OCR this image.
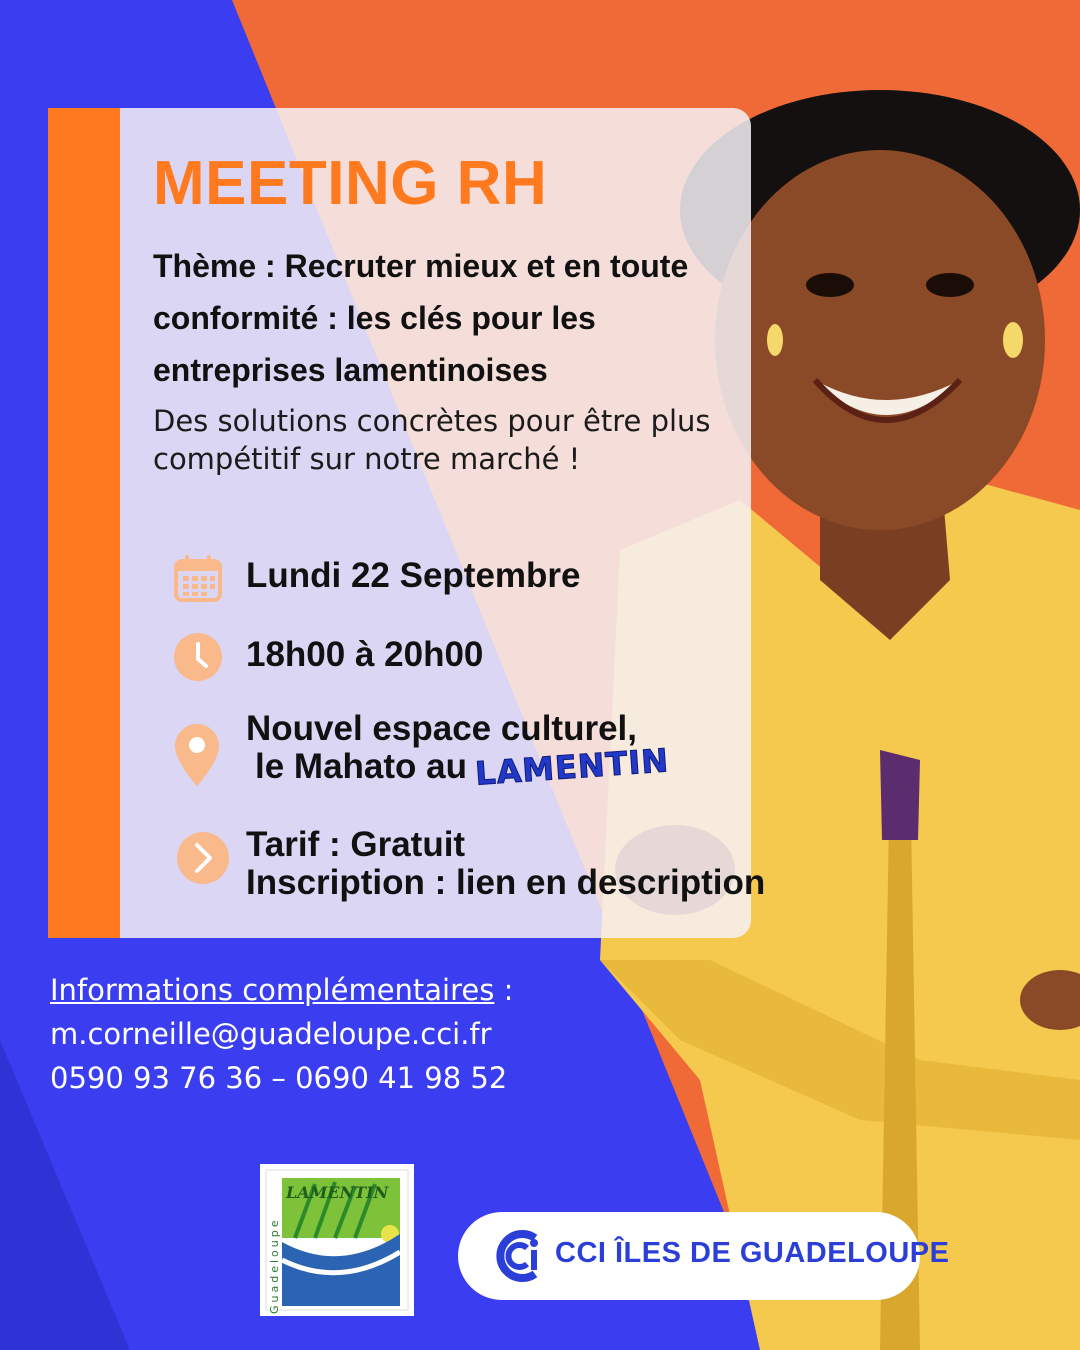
MEETING RH
Thème : Recruter mieux et en toute
conformité : les clés pour les
entreprises lamentinoises
Des solutions concrètes pour être plus
compétitif sur notre marché !

Lundi 22 Septembre

18h00 à 20h00

Nouvel espace culturel,
le Mahato au LAMENTIN
Tarif : Gratuit
Inscription : lien en description
Informations complémentaires :
m.corneille@guadeloupe.cci.fr
0590 93 76 36 – 0690 41 98 52
Guadeloupe
LAMENTIN
CCI ÎLES DE GUADELOUPE
